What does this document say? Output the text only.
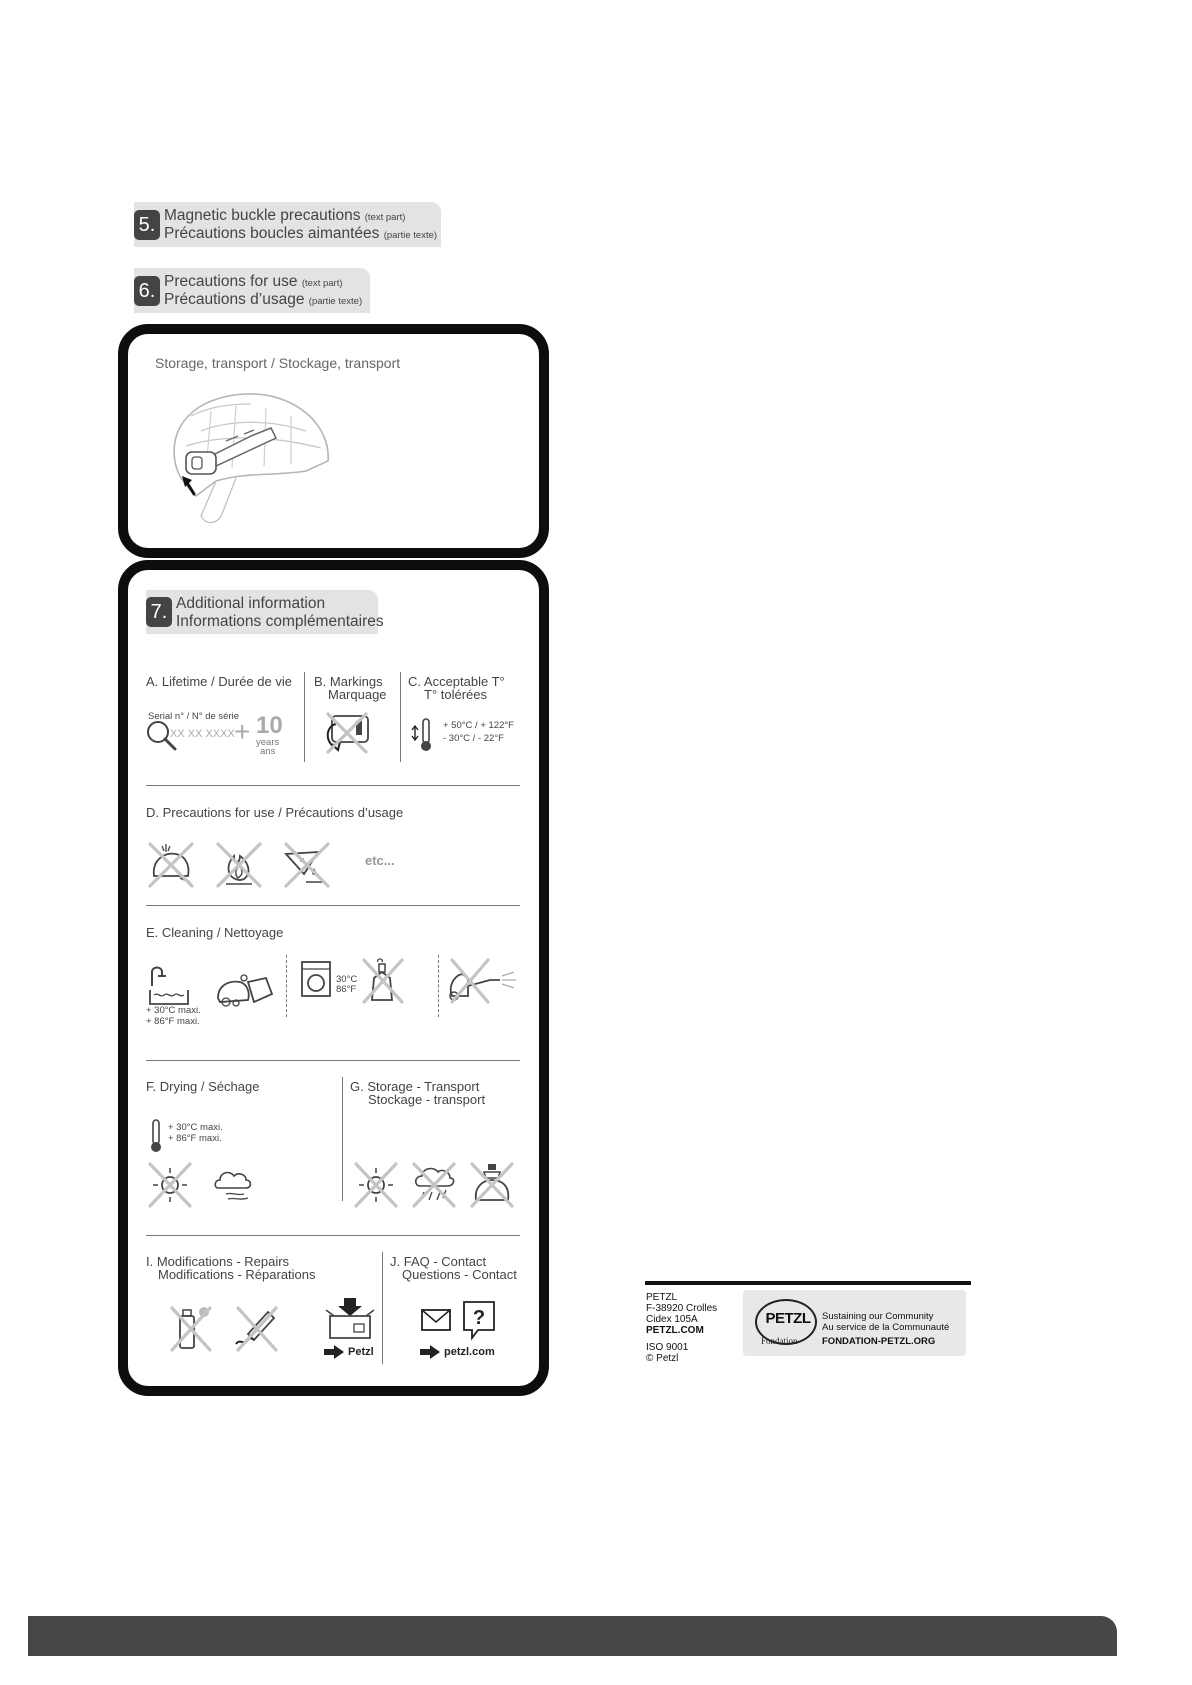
5. Magnetic buckle precautions (text part)
Précautions boucles aimantées (partie texte)
6. Precautions for use (text part)
Précautions d’usage (partie texte)
Storage, transport / Stockage, transport
7. Additional information
Informations complémentaires
A. Lifetime / Durée de vie
Serial n° / N° de série
XX XX XXXX + 10
years
ans
B. Markings
Marquage
C. Acceptable T°
T° tolérées
+ 50°C / + 122°F
- 30°C / - 22°F
D. Precautions for use / Précautions d’usage
etc...
E. Cleaning / Nettoyage
+ 30°C maxi.
+ 86°F maxi.
30°C
86°F
F. Drying / Séchage
+ 30°C maxi.
+ 86°F maxi.
G. Storage - Transport
Stockage - transport
I. Modifications - Repairs
Modifications - Réparations
Petzl
J. FAQ - Contact
Questions - Contact
?
petzl.com
PETZL
F-38920 Crolles
Cidex 105A
PETZL.COM
ISO 9001
© Petzl
PETZL
Fondation
Sustaining our Community
Au service de la Communauté
FONDATION-PETZL.ORG
